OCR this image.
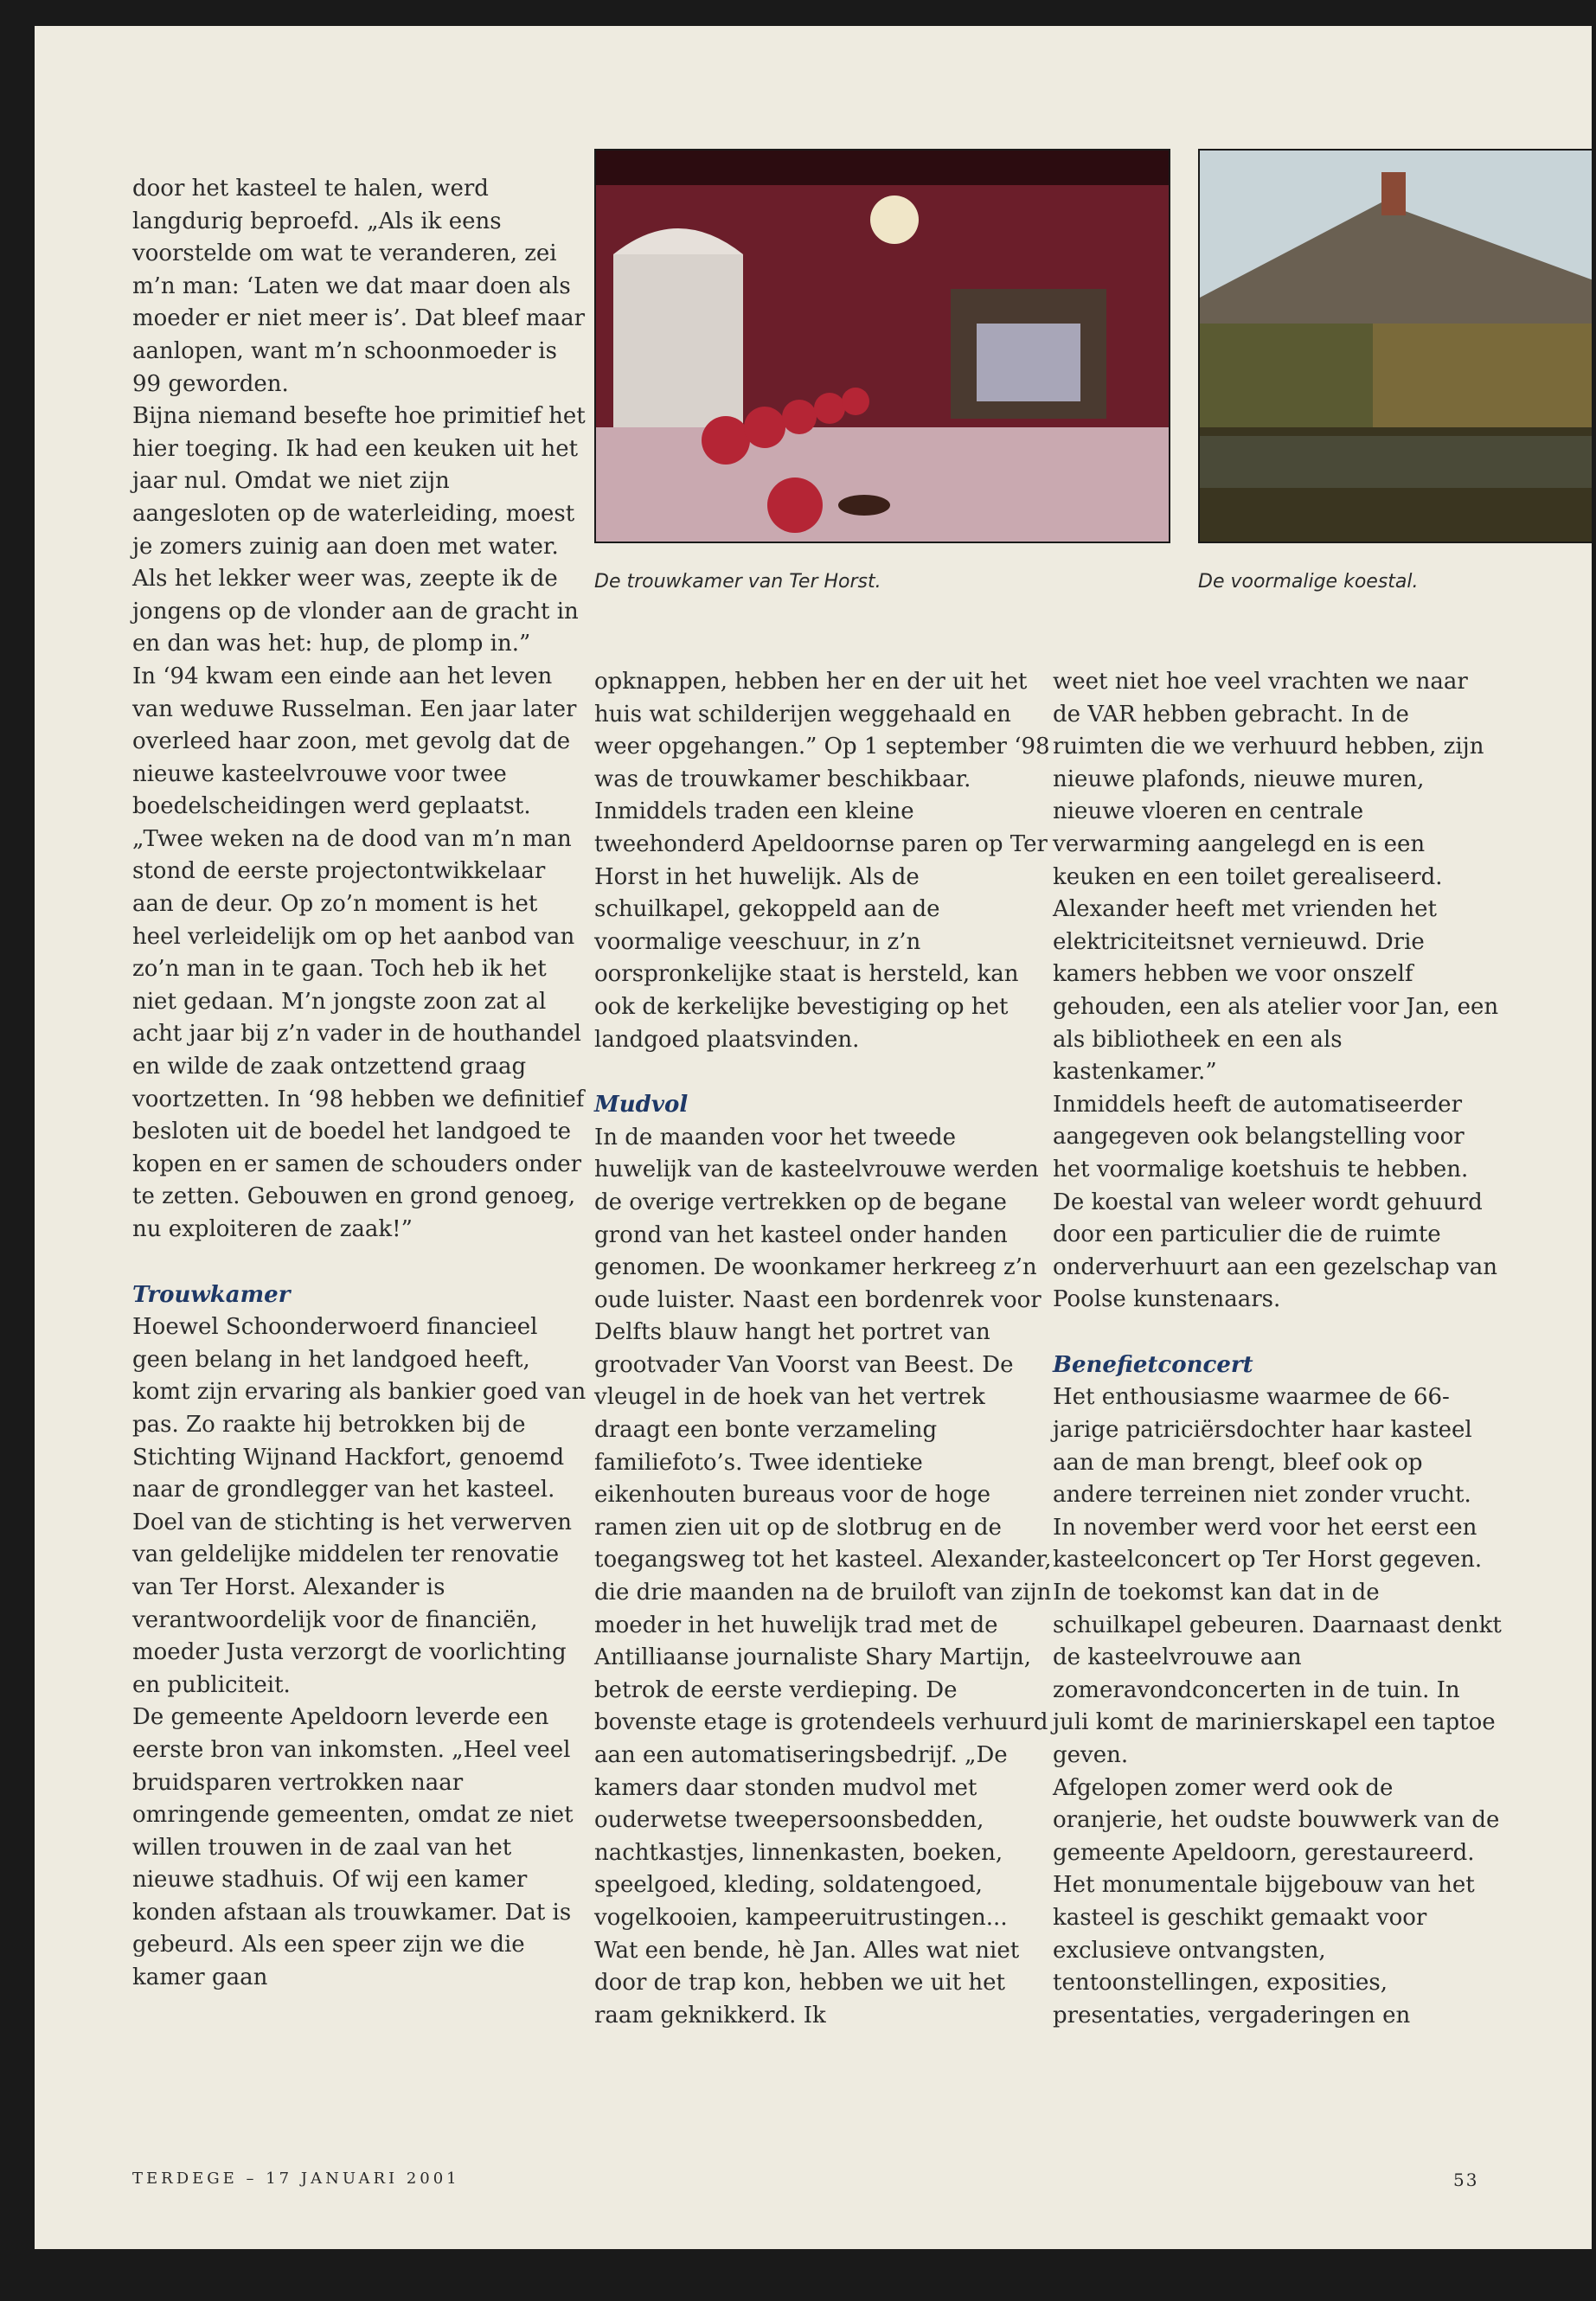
De trouwkamer van Ter Horst.	De voormalige koestal.

door het kasteel te halen, werd langdurig beproefd. „Als ik eens voorstelde om wat te veranderen, zei m’n man: ‘Laten we dat maar doen als moeder er niet meer is’. Dat bleef maar aanlopen, want m’n schoonmoeder is 99 geworden.

Bijna niemand besefte hoe primitief het hier toeging. Ik had een keuken uit het jaar nul. Omdat we niet zijn aangesloten op de waterleiding, moest je zomers zuinig aan doen met water. Als het lekker weer was, zeepte ik de jongens op de vlonder aan de gracht in en dan was het: hup, de plomp in.”

In ‘94 kwam een einde aan het leven van weduwe Russelman. Een jaar later overleed haar zoon, met gevolg dat de nieuwe kasteelvrouwe voor twee boedelscheidingen werd geplaatst. „Twee weken na de dood van m’n man stond de eerste projectontwikkelaar aan de deur. Op zo’n moment is het heel verleidelijk om op het aanbod van zo’n man in te gaan. Toch heb ik het niet gedaan. M’n jongste zoon zat al acht jaar bij z’n vader in de houthandel en wilde de zaak ontzettend graag voortzetten. In ‘98 hebben we definitief besloten uit de boedel het landgoed te kopen en er samen de schouders onder te zetten. Gebouwen en grond genoeg, nu exploiteren de zaak!”

Trouwkamer

Hoewel Schoonderwoerd financieel geen belang in het landgoed heeft, komt zijn ervaring als bankier goed van pas. Zo raakte hij betrokken bij de Stichting Wijnand Hackfort, genoemd naar de grondlegger van het kasteel. Doel van de stichting is het verwerven van geldelijke middelen ter renovatie van Ter Horst. Alexander is verantwoordelijk voor de financiën, moeder Justa verzorgt de voorlichting en publiciteit.

De gemeente Apeldoorn leverde een eerste bron van inkomsten. „Heel veel bruidsparen vertrokken naar omringende gemeenten, omdat ze niet willen trouwen in de zaal van het nieuwe stadhuis. Of wij een kamer konden afstaan als trouwkamer. Dat is gebeurd. Als een speer zijn we die kamer gaan

opknappen, hebben her en der uit het huis wat schilderijen weggehaald en weer opgehangen.” Op 1 september ‘98 was de trouwkamer beschikbaar. Inmiddels traden een kleine tweehonderd Apeldoornse paren op Ter Horst in het huwelijk. Als de schuilkapel, gekoppeld aan de voormalige veeschuur, in z’n oorspronkelijke staat is hersteld, kan ook de kerkelijke bevestiging op het landgoed plaatsvinden.

Mudvol

In de maanden voor het tweede huwelijk van de kasteelvrouwe werden de overige vertrekken op de begane grond van het kasteel onder handen genomen. De woonkamer herkreeg z’n oude luister. Naast een bordenrek voor Delfts blauw hangt het portret van grootvader Van Voorst van Beest. De vleugel in de hoek van het vertrek draagt een bonte verzameling familiefoto’s. Twee identieke eikenhouten bureaus voor de hoge ramen zien uit op de slotbrug en de toegangsweg tot het kasteel. Alexander, die drie maanden na de bruiloft van zijn moeder in het huwelijk trad met de Antilliaanse journaliste Shary Martijn, betrok de eerste verdieping. De bovenste etage is grotendeels verhuurd aan een automatiseringsbedrijf. „De kamers daar stonden mudvol met ouderwetse tweepersoonsbedden, nachtkastjes, linnenkasten, boeken, speelgoed, kleding, soldatengoed, vogelkooien, kampeeruitrustingen... Wat een bende, hè Jan. Alles wat niet door de trap kon, hebben we uit het raam geknikkerd. Ik

weet niet hoe veel vrachten we naar de VAR hebben gebracht. In de ruimten die we verhuurd hebben, zijn nieuwe plafonds, nieuwe muren, nieuwe vloeren en centrale verwarming aangelegd en is een keuken en een toilet gerealiseerd. Alexander heeft met vrienden het elektriciteitsnet vernieuwd. Drie kamers hebben we voor onszelf gehouden, een als atelier voor Jan, een als bibliotheek en een als kastenkamer.”

Inmiddels heeft de automatiseerder aangegeven ook belangstelling voor het voormalige koetshuis te hebben. De koestal van weleer wordt gehuurd door een particulier die de ruimte onderverhuurt aan een gezelschap van Poolse kunstenaars.

Benefietconcert

Het enthousiasme waarmee de 66-jarige patriciërsdochter haar kasteel aan de man brengt, bleef ook op andere terreinen niet zonder vrucht.

In november werd voor het eerst een kasteelconcert op Ter Horst gegeven. In de toekomst kan dat in de schuilkapel gebeuren. Daarnaast denkt de kasteelvrouwe aan zomeravondconcerten in de tuin. In juli komt de marinierskapel een taptoe geven.

Afgelopen zomer werd ook de oranjerie, het oudste bouwwerk van de gemeente Apeldoorn, gerestaureerd. Het monumentale bijgebouw van het kasteel is geschikt gemaakt voor exclusieve ontvangsten, tentoonstellingen, exposities, presentaties, vergaderingen en

TERDEGE – 17 JANUARI 2001	53
